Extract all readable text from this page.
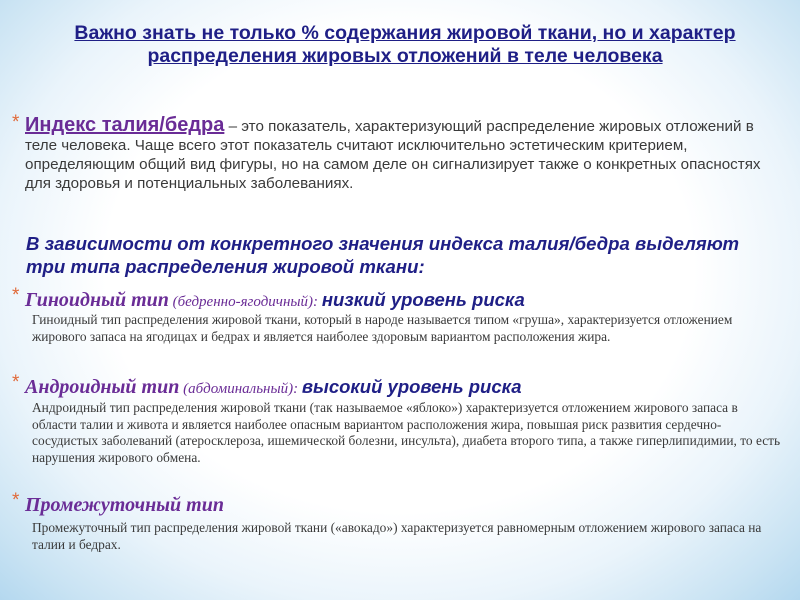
Важно знать не только % содержания жировой ткани, но и характер распределения жировых отложений в теле человека
* Индекс талия/бедра – это показатель, характеризующий распределение жировых отложений в теле человека. Чаще всего этот показатель считают исключительно эстетическим критерием, определяющим общий вид фигуры, но на самом деле он сигнализирует также о конкретных опасностях для здоровья и потенциальных заболеваниях.
В зависимости от конкретного значения индекса талия/бедра выделяют три типа распределения жировой ткани:
* Гиноидный тип (бедренно-ягодичный): низкий уровень риска
Гиноидный тип распределения жировой ткани, который в народе называется типом «груша», характеризуется отложением жирового запаса на ягодицах и бедрах и является наиболее здоровым вариантом расположения жира.
* Андроидный тип (абдоминальный): высокий уровень риска
Андроидный тип распределения жировой ткани (так называемое «яблоко») характеризуется отложением жирового запаса в области талии и живота и является наиболее опасным вариантом расположения жира, повышая риск развития сердечно-сосудистых заболеваний (атеросклероза, ишемической болезни, инсульта), диабета второго типа, а также гиперлипидимии, то есть нарушения жирового обмена.
* Промежуточный тип
Промежуточный тип распределения жировой ткани («авокадо») характеризуется равномерным отложением жирового запаса на талии и бедрах.
